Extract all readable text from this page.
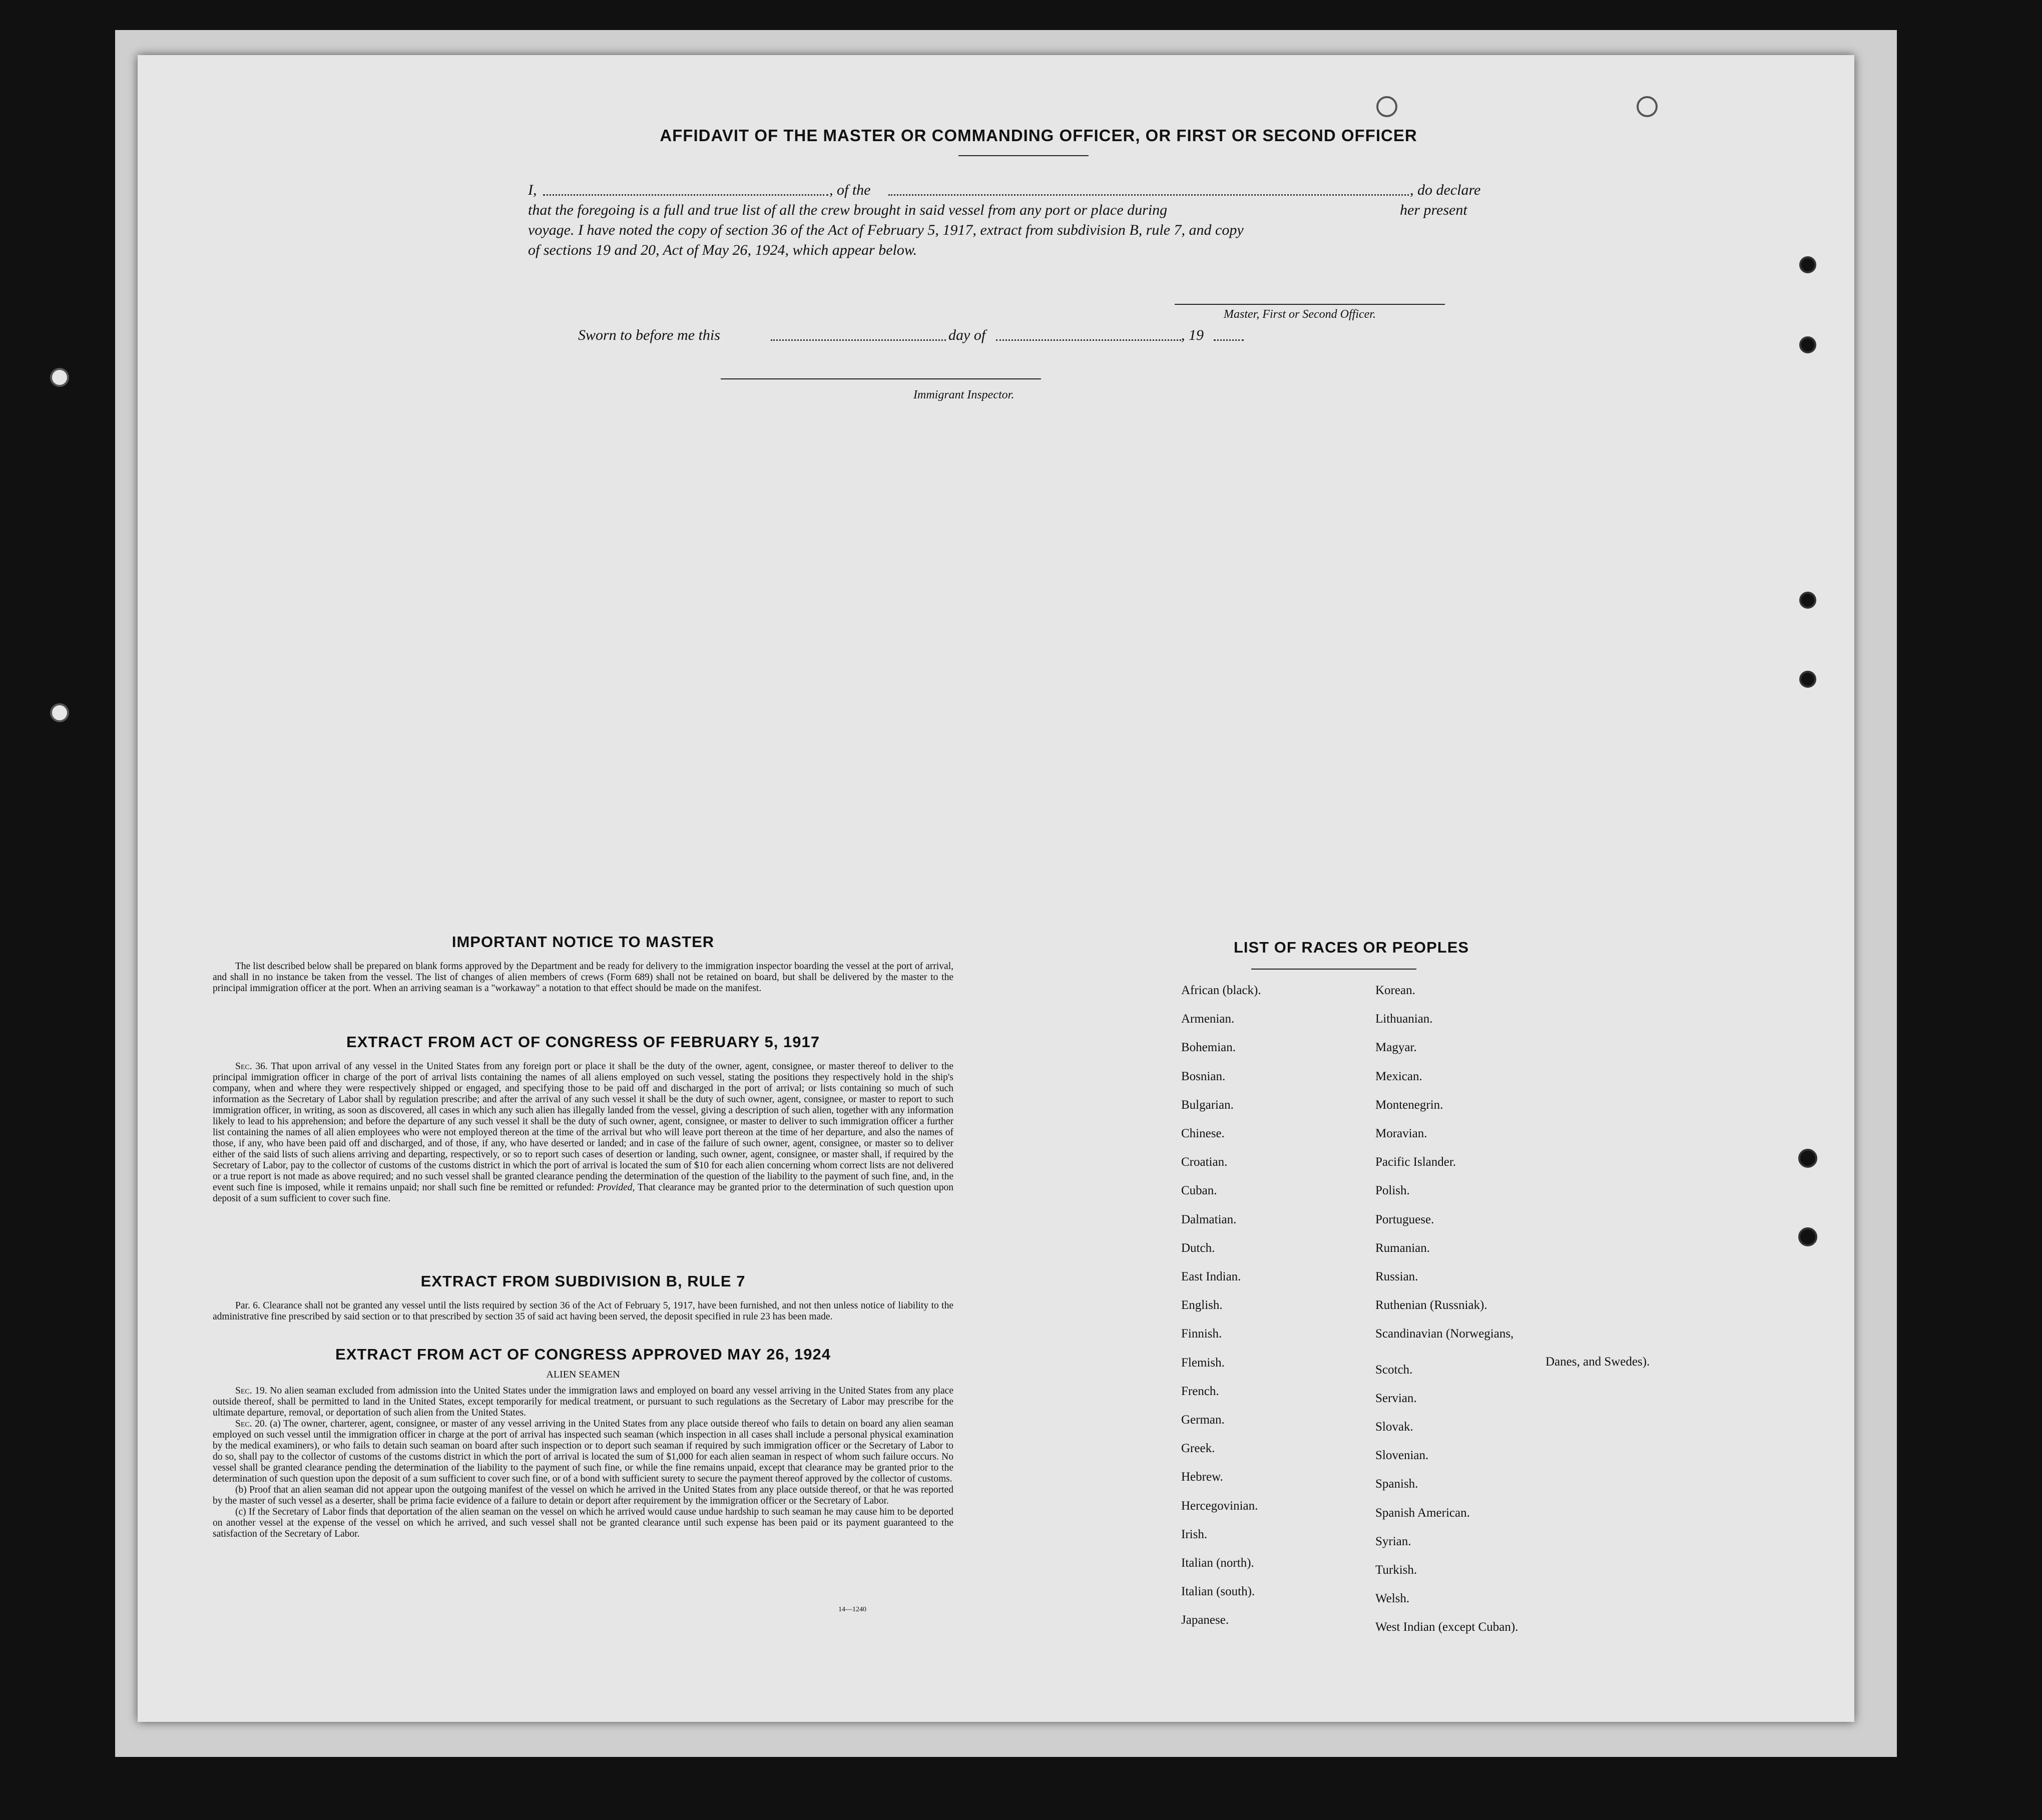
AFFIDAVIT OF THE MASTER OR COMMANDING OFFICER, OR FIRST OR SECOND OFFICER
I,	, of the	, do declare
that the foregoing is a full and true list of all the crew brought in said vessel from any port or place during	her present
voyage. I have noted the copy of section 36 of the Act of February 5, 1917, extract from subdivision B, rule 7, and copy
of sections 19 and 20, Act of May 26, 1924, which appear below.
Master, First or Second Officer.
Sworn to before me this	day of	, 19
Immigrant Inspector.
IMPORTANT NOTICE TO MASTER
The list described below shall be prepared on blank forms approved by the Department and be ready for delivery to the immigration inspector boarding the vessel at the port of arrival, and shall in no instance be taken from the vessel. The list of changes of alien members of crews (Form 689) shall not be retained on board, but shall be delivered by the master to the principal immigration officer at the port. When an arriving seaman is a "workaway" a notation to that effect should be made on the manifest.
EXTRACT FROM ACT OF CONGRESS OF FEBRUARY 5, 1917
Sec. 36. That upon arrival of any vessel in the United States from any foreign port or place it shall be the duty of the owner, agent, consignee, or master thereof to deliver to the principal immigration officer in charge of the port of arrival lists containing the names of all aliens employed on such vessel, stating the positions they respectively hold in the ship's company, when and where they were respectively shipped or engaged, and specifying those to be paid off and discharged in the port of arrival; or lists containing so much of such information as the Secretary of Labor shall by regulation prescribe; and after the arrival of any such vessel it shall be the duty of such owner, agent, consignee, or master to report to such immigration officer, in writing, as soon as discovered, all cases in which any such alien has illegally landed from the vessel, giving a description of such alien, together with any information likely to lead to his apprehension; and before the departure of any such vessel it shall be the duty of such owner, agent, consignee, or master to deliver to such immigration officer a further list containing the names of all alien employees who were not employed thereon at the time of the arrival but who will leave port thereon at the time of her departure, and also the names of those, if any, who have been paid off and discharged, and of those, if any, who have deserted or landed; and in case of the failure of such owner, agent, consignee, or master so to deliver either of the said lists of such aliens arriving and departing, respectively, or so to report such cases of desertion or landing, such owner, agent, consignee, or master shall, if required by the Secretary of Labor, pay to the collector of customs of the customs district in which the port of arrival is located the sum of $10 for each alien concerning whom correct lists are not delivered or a true report is not made as above required; and no such vessel shall be granted clearance pending the determination of the question of the liability to the payment of such fine, and, in the event such fine is imposed, while it remains unpaid; nor shall such fine be remitted or refunded: Provided, That clearance may be granted prior to the determination of such question upon deposit of a sum sufficient to cover such fine.
EXTRACT FROM SUBDIVISION B, RULE 7
Par. 6. Clearance shall not be granted any vessel until the lists required by section 36 of the Act of February 5, 1917, have been furnished, and not then unless notice of liability to the administrative fine prescribed by said section or to that prescribed by section 35 of said act having been served, the deposit specified in rule 23 has been made.
EXTRACT FROM ACT OF CONGRESS APPROVED MAY 26, 1924
ALIEN SEAMEN
Sec. 19. No alien seaman excluded from admission into the United States under the immigration laws and employed on board any vessel arriving in the United States from any place outside thereof, shall be permitted to land in the United States, except temporarily for medical treatment, or pursuant to such regulations as the Secretary of Labor may prescribe for the ultimate departure, removal, or deportation of such alien from the United States.
Sec. 20. (a) The owner, charterer, agent, consignee, or master of any vessel arriving in the United States from any place outside thereof who fails to detain on board any alien seaman employed on such vessel until the immigration officer in charge at the port of arrival has inspected such seaman (which inspection in all cases shall include a personal physical examination by the medical examiners), or who fails to detain such seaman on board after such inspection or to deport such seaman if required by such immigration officer or the Secretary of Labor to do so, shall pay to the collector of customs of the customs district in which the port of arrival is located the sum of $1,000 for each alien seaman in respect of whom such failure occurs. No vessel shall be granted clearance pending the determination of the liability to the payment of such fine, or while the fine remains unpaid, except that clearance may be granted prior to the determination of such question upon the deposit of a sum sufficient to cover such fine, or of a bond with sufficient surety to secure the payment thereof approved by the collector of customs.
(b) Proof that an alien seaman did not appear upon the outgoing manifest of the vessel on which he arrived in the United States from any place outside thereof, or that he was reported by the master of such vessel as a deserter, shall be prima facie evidence of a failure to detain or deport after requirement by the immigration officer or the Secretary of Labor.
(c) If the Secretary of Labor finds that deportation of the alien seaman on the vessel on which he arrived would cause undue hardship to such seaman he may cause him to be deported on another vessel at the expense of the vessel on which he arrived, and such vessel shall not be granted clearance until such expense has been paid or its payment guaranteed to the satisfaction of the Secretary of Labor.
14—1240
LIST OF RACES OR PEOPLES
African (black).
Armenian.
Bohemian.
Bosnian.
Bulgarian.
Chinese.
Croatian.
Cuban.
Dalmatian.
Dutch.
East Indian.
English.
Finnish.
Flemish.
French.
German.
Greek.
Hebrew.
Hercegovinian.
Irish.
Italian (north).
Italian (south).
Japanese.
Korean.
Lithuanian.
Magyar.
Mexican.
Montenegrin.
Moravian.
Pacific Islander.
Polish.
Portuguese.
Rumanian.
Russian.
Ruthenian (Russniak).
Scandinavian (Norwegians,
Scotch.
Servian.
Slovak.
Slovenian.
Spanish.
Spanish American.
Syrian.
Turkish.
Welsh.
West Indian (except Cuban).
Danes, and Swedes).
